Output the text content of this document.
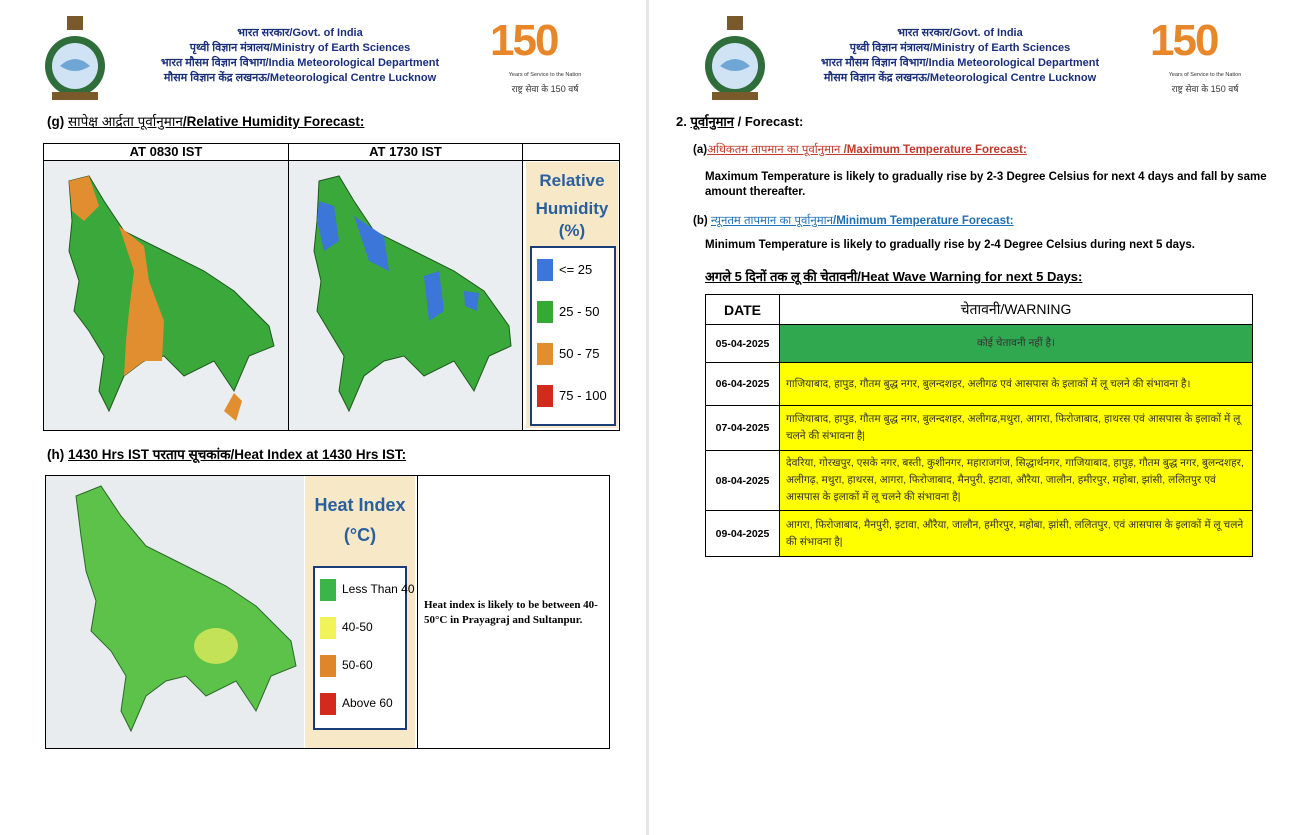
भारत सरकार/Govt. of India
पृथ्वी विज्ञान मंत्रालय/Ministry of Earth Sciences
भारत मौसम विज्ञान विभाग/India Meteorological Department
मौसम विज्ञान केंद्र लखनऊ/Meteorological Centre Lucknow
150
Years of Service to the Nation
राष्ट्र सेवा के 150 वर्ष
(g) सापेक्ष आर्द्रता पूर्वानुमान/Relative Humidity Forecast:
AT 0830 IST	AT 1730 IST
Relative
Humidity (%)
<= 25
25 - 50
50 - 75
75 - 100
(h) 1430 Hrs IST परताप सूचकांक/Heat Index at 1430 Hrs IST:
Heat Index
(°C)
Less Than 40
40-50
50-60
Above 60
Heat index is likely to be between 40-50°C in Prayagraj and Sultanpur.
भारत सरकार/Govt. of India
पृथ्वी विज्ञान मंत्रालय/Ministry of Earth Sciences
भारत मौसम विज्ञान विभाग/India Meteorological Department
मौसम विज्ञान केंद्र लखनऊ/Meteorological Centre Lucknow
150
Years of Service to the Nation
राष्ट्र सेवा के 150 वर्ष
2. पूर्वानुमान / Forecast:
(a)अधिकतम तापमान का पूर्वानुमान /Maximum Temperature Forecast:
Maximum Temperature is likely to gradually rise by 2-3 Degree Celsius for next 4 days and fall by same amount thereafter.
(b) न्यूनतम तापमान का पूर्वानुमान/Minimum Temperature Forecast:
Minimum Temperature is likely to gradually rise by 2-4 Degree Celsius during next 5 days.
अगले 5 दिनों तक लू की चेतावनी/Heat Wave Warning for next 5 Days:
DATE	चेतावनी/WARNING
05-04-2025	कोई चेतावनी नहीं है।
06-04-2025	गाजियाबाद, हापुड, गौतम बुद्ध नगर, बुलन्दशहर, अलीगढ एवं आसपास के इलाकों में लू चलने की संभावना है।
07-04-2025	गाजियाबाद, हापुड, गौतम बुद्ध नगर, बुलन्दशहर, अलीगढ,मथुरा, आगरा, फिरोजाबाद, हाथरस एवं आसपास के इलाकों में लू चलने की संभावना है|
08-04-2025	देवरिया, गोरखपुर, एसके नगर, बस्ती, कुशीनगर, महाराजगंज, सिद्धार्थनगर, गाजियाबाद, हापुड़, गौतम बुद्ध नगर, बुलन्दशहर, अलीगढ़, मथुरा, हाथरस, आगरा, फिरोजाबाद, मैनपुरी, इटावा, औरैया, जालौन, हमीरपुर, महोबा, झांसी, ललितपुर एवं आसपास के इलाकों में लू चलने की संभावना है|
09-04-2025	आगरा, फिरोजाबाद, मैनपुरी, इटावा, औरैया, जालौन, हमीरपुर, महोबा, झांसी, ललितपुर, एवं आसपास के इलाकों में लू चलने की संभावना है|
